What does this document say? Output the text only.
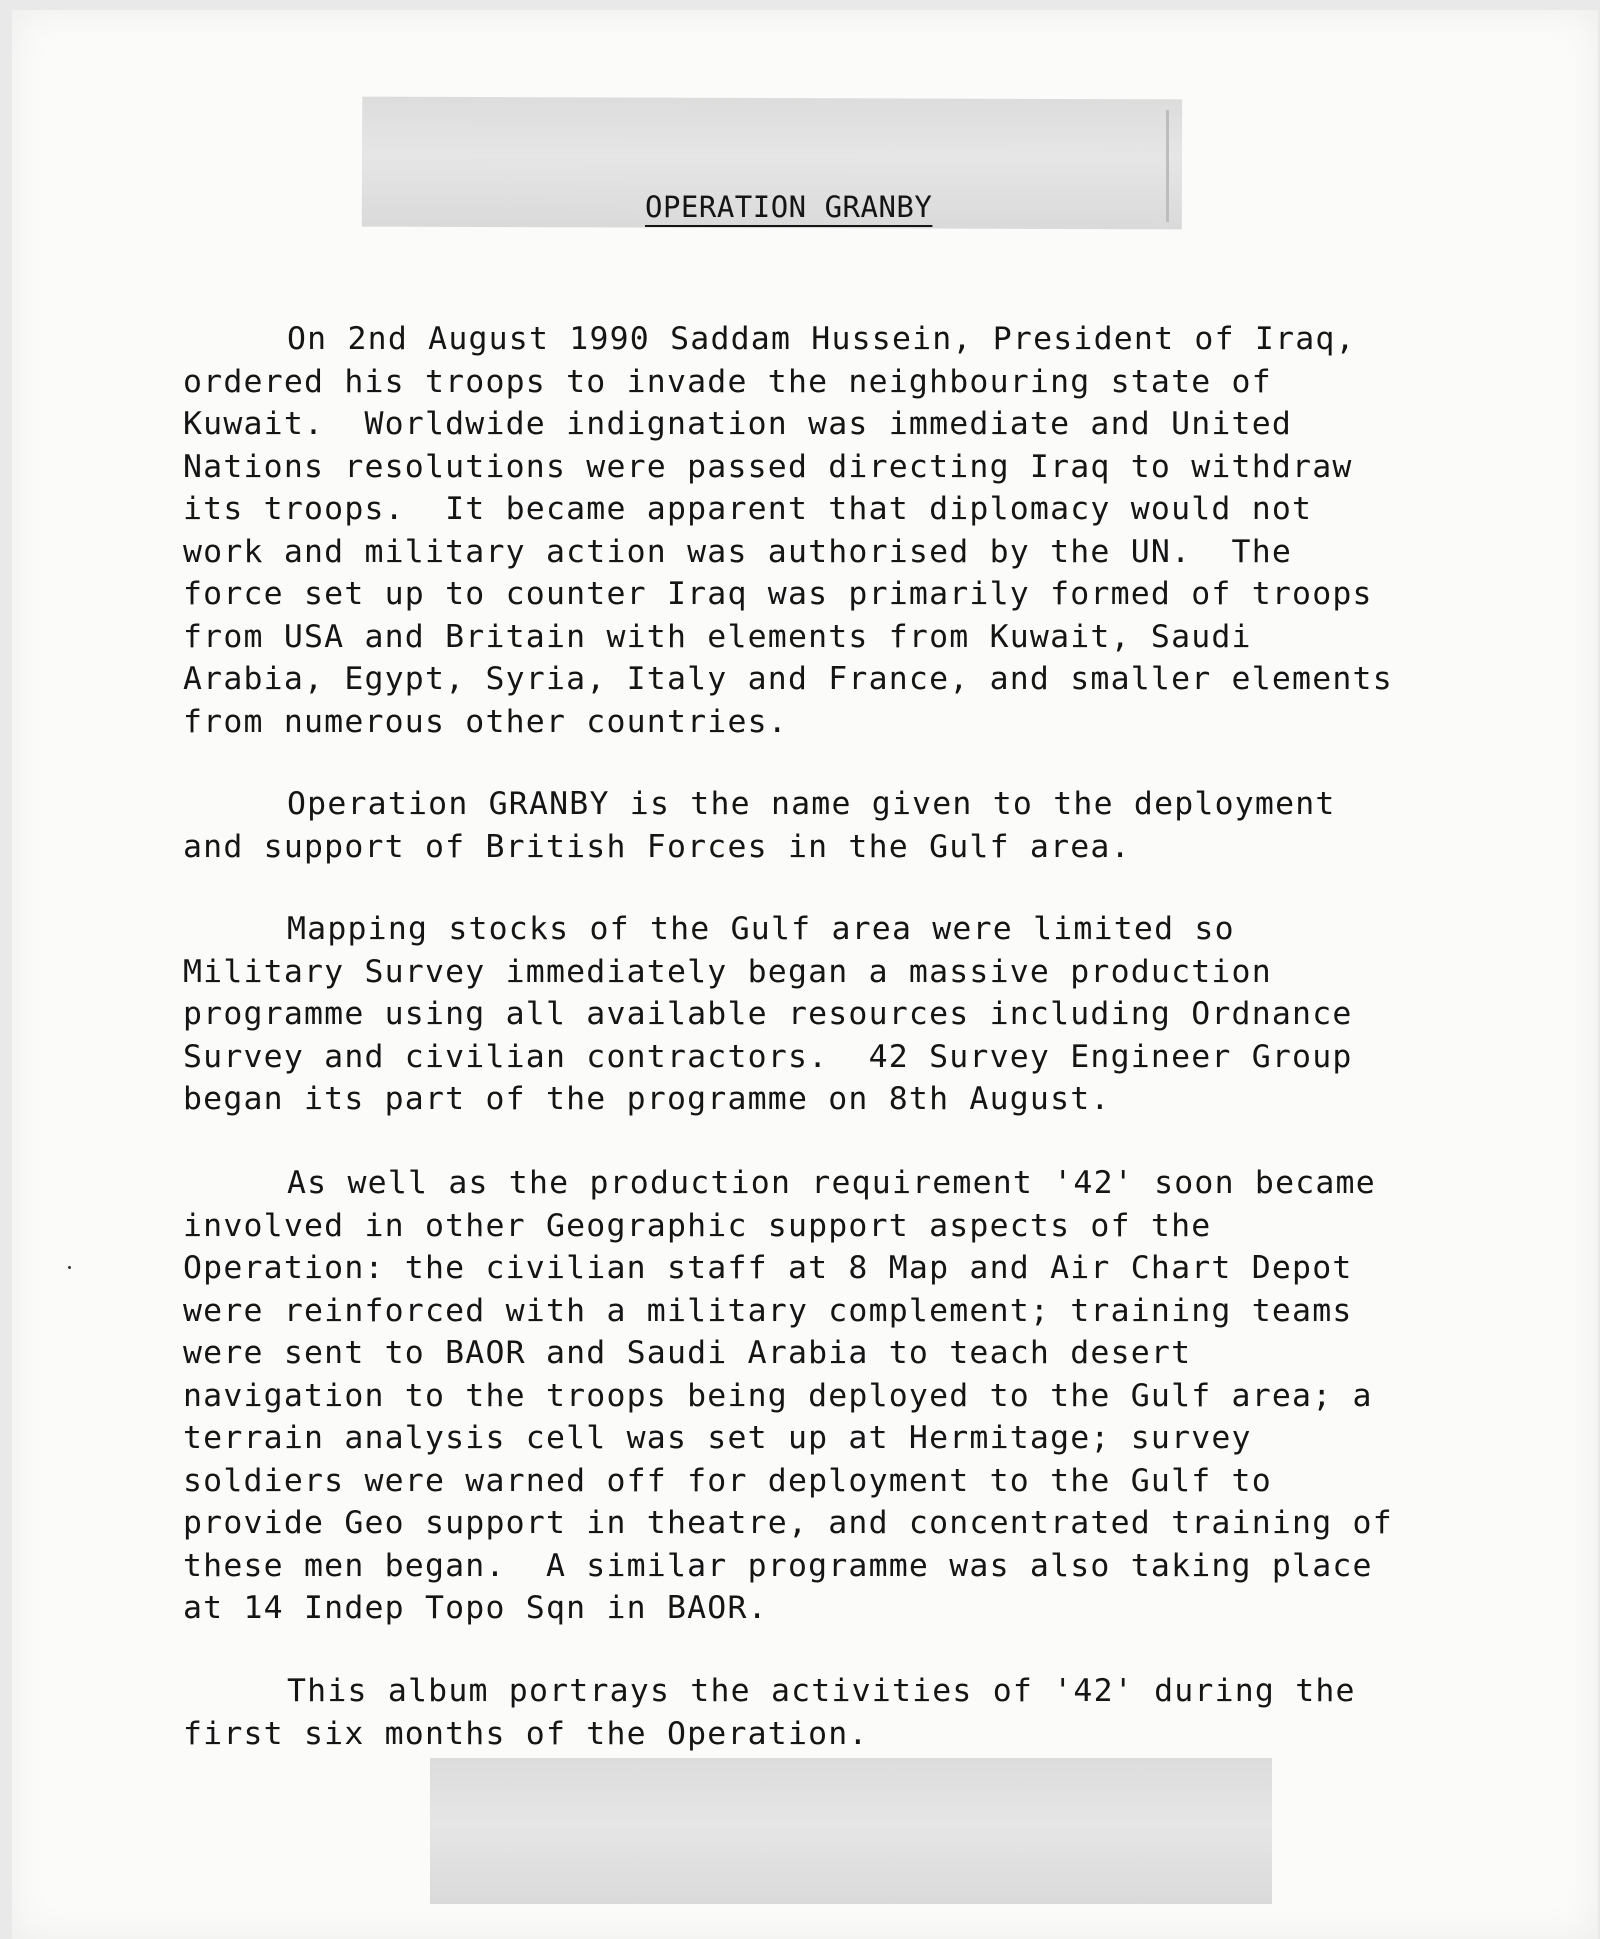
OPERATION GRANBY
On 2nd August 1990 Saddam Hussein, President of Iraq,
ordered his troops to invade the neighbouring state of
Kuwait.  Worldwide indignation was immediate and United
Nations resolutions were passed directing Iraq to withdraw
its troops.  It became apparent that diplomacy would not
work and military action was authorised by the UN.  The
force set up to counter Iraq was primarily formed of troops
from USA and Britain with elements from Kuwait, Saudi
Arabia, Egypt, Syria, Italy and France, and smaller elements
from numerous other countries.
Operation GRANBY is the name given to the deployment
and support of British Forces in the Gulf area.
Mapping stocks of the Gulf area were limited so
Military Survey immediately began a massive production
programme using all available resources including Ordnance
Survey and civilian contractors.  42 Survey Engineer Group
began its part of the programme on 8th August.
As well as the production requirement '42' soon became
involved in other Geographic support aspects of the
Operation: the civilian staff at 8 Map and Air Chart Depot
were reinforced with a military complement; training teams
were sent to BAOR and Saudi Arabia to teach desert
navigation to the troops being deployed to the Gulf area; a
terrain analysis cell was set up at Hermitage; survey
soldiers were warned off for deployment to the Gulf to
provide Geo support in theatre, and concentrated training of
these men began.  A similar programme was also taking place
at 14 Indep Topo Sqn in BAOR.
This album portrays the activities of '42' during the
first six months of the Operation.
